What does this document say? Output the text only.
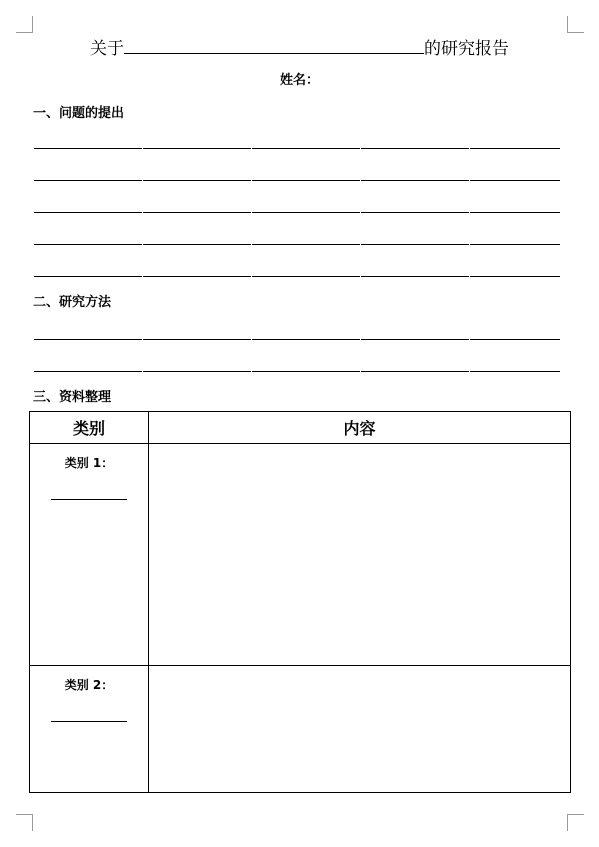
关于	的研究报告
姓名：
一、问题的提出
二、研究方法
三、资料整理
类别	内容

类别 1：	

类别 2：	
